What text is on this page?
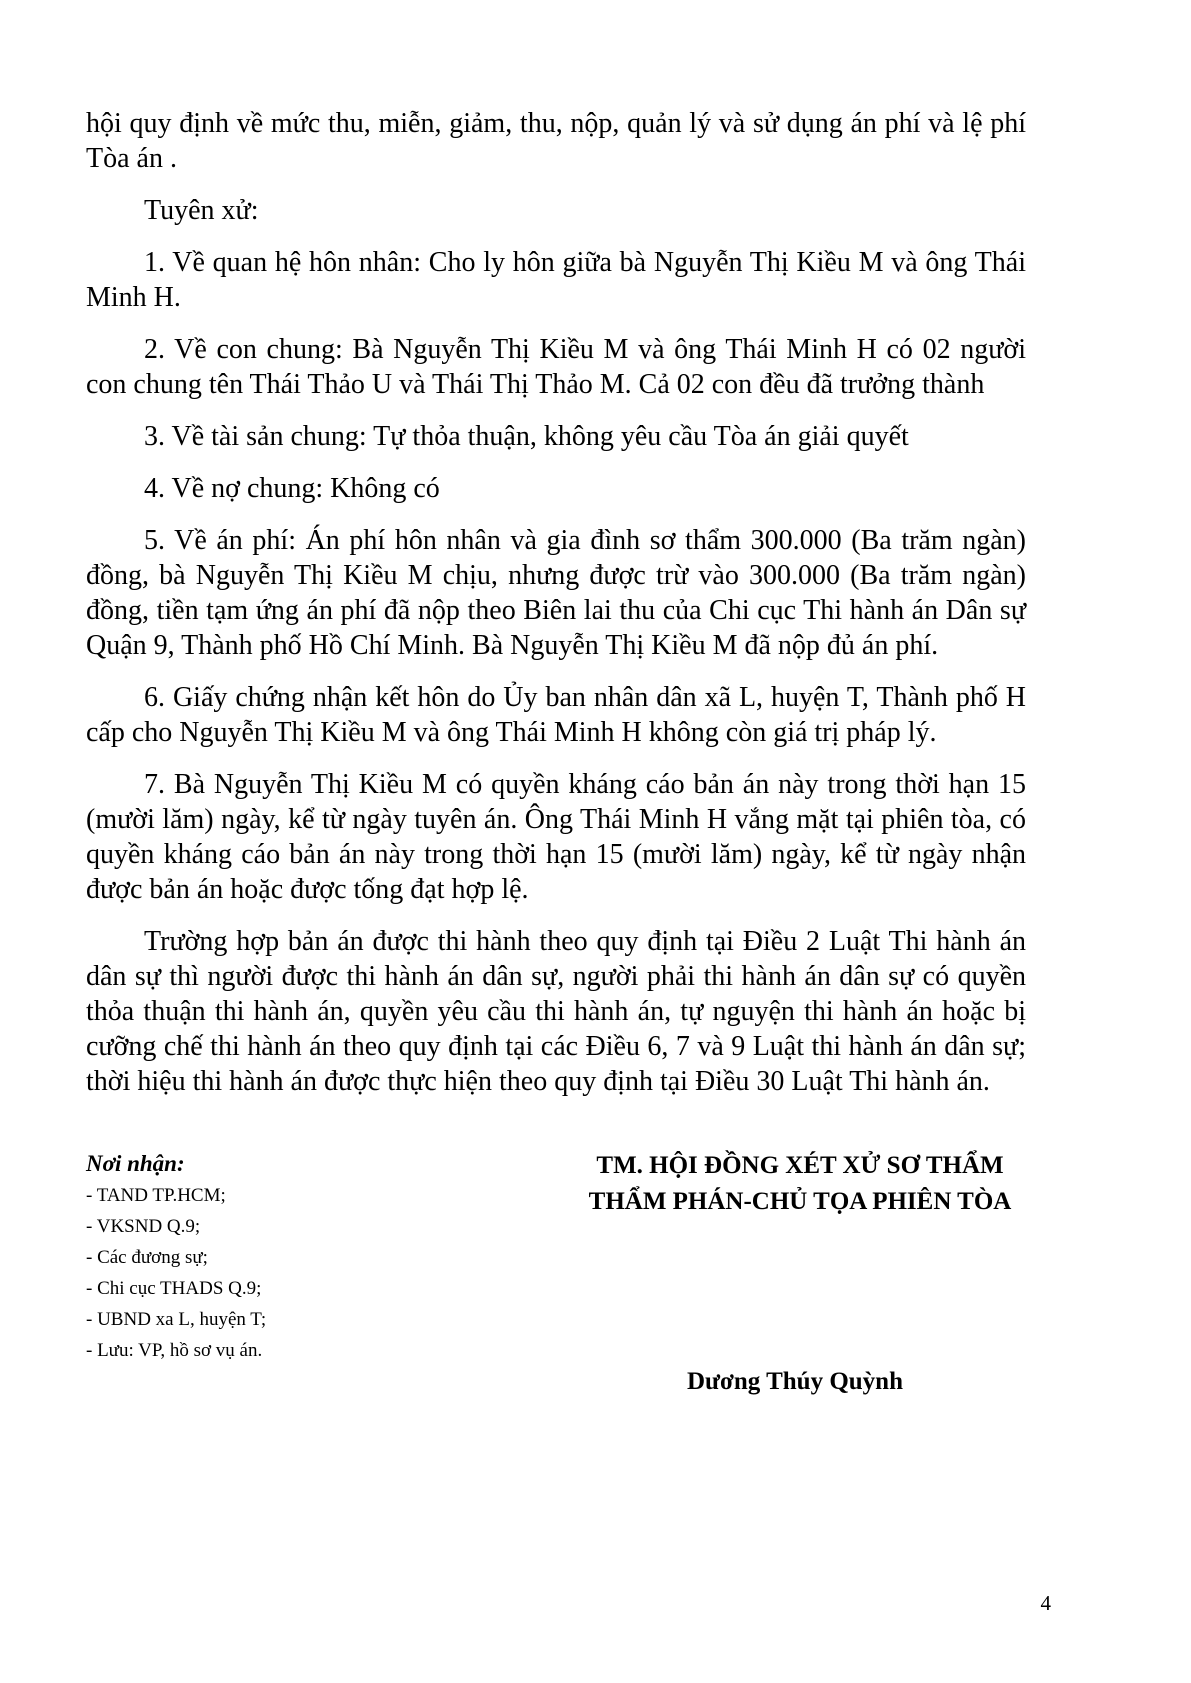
hội quy định về mức thu, miễn, giảm, thu, nộp, quản lý và sử dụng án phí và lệ phí Tòa án .

Tuyên xử:

1. Về quan hệ hôn nhân: Cho ly hôn giữa bà Nguyễn Thị Kiều M và ông Thái Minh H.

2. Về con chung: Bà Nguyễn Thị Kiều M và ông Thái Minh H có 02 người con chung tên Thái Thảo U và Thái Thị Thảo M. Cả 02 con đều đã trưởng thành

3. Về tài sản chung: Tự thỏa thuận, không yêu cầu Tòa án giải quyết

4. Về nợ chung: Không có

5. Về án phí: Án phí hôn nhân và gia đình sơ thẩm 300.000 (Ba trăm ngàn) đồng, bà Nguyễn Thị Kiều M chịu, nhưng được trừ vào 300.000 (Ba trăm ngàn) đồng, tiền tạm ứng án phí đã nộp theo Biên lai thu của Chi cục Thi hành án Dân sự Quận 9, Thành phố Hồ Chí Minh. Bà Nguyễn Thị Kiều M đã nộp đủ án phí.

6. Giấy chứng nhận kết hôn do Ủy ban nhân dân xã L, huyện T, Thành phố H cấp cho Nguyễn Thị Kiều M và ông Thái Minh H không còn giá trị pháp lý.

7. Bà Nguyễn Thị Kiều M có quyền kháng cáo bản án này trong thời hạn 15 (mười lăm) ngày, kể từ ngày tuyên án. Ông Thái Minh H vắng mặt tại phiên tòa, có quyền kháng cáo bản án này trong thời hạn 15 (mười lăm) ngày, kể từ ngày nhận được bản án hoặc được tống đạt hợp lệ.

Trường hợp bản án được thi hành theo quy định tại Điều 2 Luật Thi hành án dân sự thì người được thi hành án dân sự, người phải thi hành án dân sự có quyền thỏa thuận thi hành án, quyền yêu cầu thi hành án, tự nguyện thi hành án hoặc bị cưỡng chế thi hành án theo quy định tại các Điều 6, 7 và 9 Luật thi hành án dân sự; thời hiệu thi hành án được thực hiện theo quy định tại Điều 30 Luật Thi hành án.

Nơi nhận:
- TAND TP.HCM;
- VKSND Q.9;
- Các đương sự;
- Chi cục THADS Q.9;
- UBND xa L, huyện T;
- Lưu: VP, hồ sơ vụ án.
TM. HỘI ĐỒNG XÉT XỬ SƠ THẨM
THẨM PHÁN-CHỦ TỌA PHIÊN TÒA
Dương Thúy Quỳnh
4
